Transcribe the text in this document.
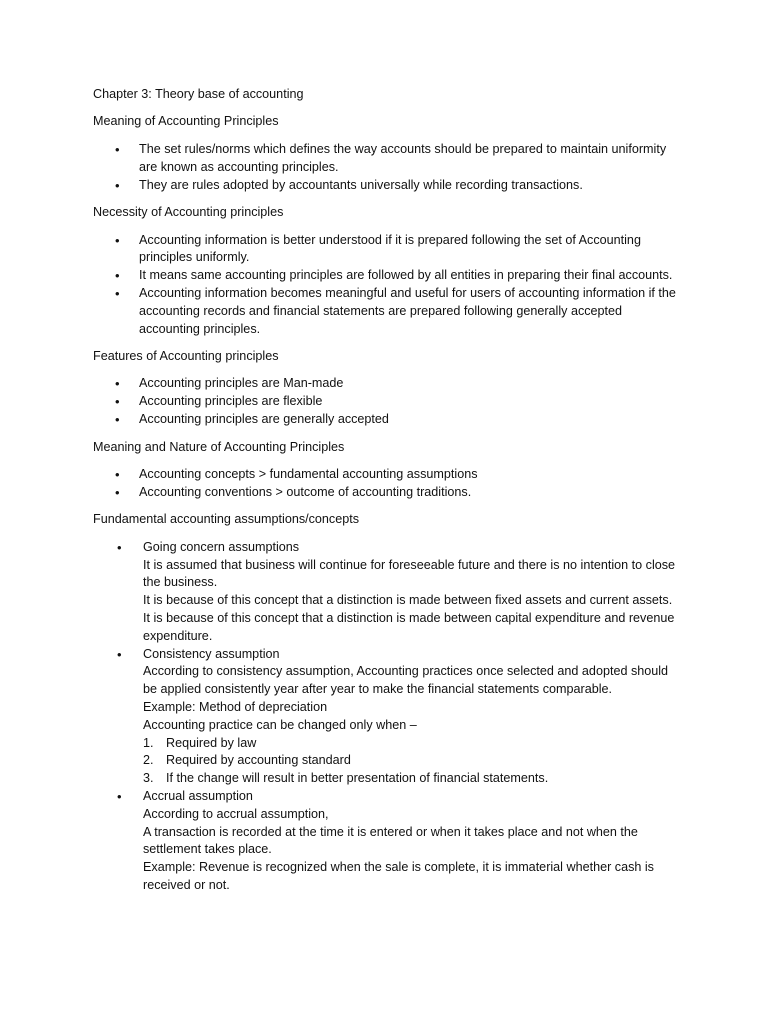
Chapter 3: Theory base of accounting

Meaning of Accounting Principles

• The set rules/norms which defines the way accounts should be prepared to maintain uniformity are known as accounting principles.
• They are rules adopted by accountants universally while recording transactions.

Necessity of Accounting principles

• Accounting information is better understood if it is prepared following the set of Accounting principles uniformly.
• It means same accounting principles are followed by all entities in preparing their final accounts.
• Accounting information becomes meaningful and useful for users of accounting information if the accounting records and financial statements are prepared following generally accepted accounting principles.

Features of Accounting principles

• Accounting principles are Man-made
• Accounting principles are flexible
• Accounting principles are generally accepted

Meaning and Nature of Accounting Principles

• Accounting concepts > fundamental accounting assumptions
• Accounting conventions > outcome of accounting traditions.

Fundamental accounting assumptions/concepts

• Going concern assumptions
It is assumed that business will continue for foreseeable future and there is no intention to close the business.
It is because of this concept that a distinction is made between fixed assets and current assets.
It is because of this concept that a distinction is made between capital expenditure and revenue expenditure.
• Consistency assumption
According to consistency assumption, Accounting practices once selected and adopted should be applied consistently year after year to make the financial statements comparable.
Example: Method of depreciation
Accounting practice can be changed only when –
1. Required by law
2. Required by accounting standard
3. If the change will result in better presentation of financial statements.
• Accrual assumption
According to accrual assumption,
A transaction is recorded at the time it is entered or when it takes place and not when the settlement takes place.
Example: Revenue is recognized when the sale is complete, it is immaterial whether cash is received or not.
